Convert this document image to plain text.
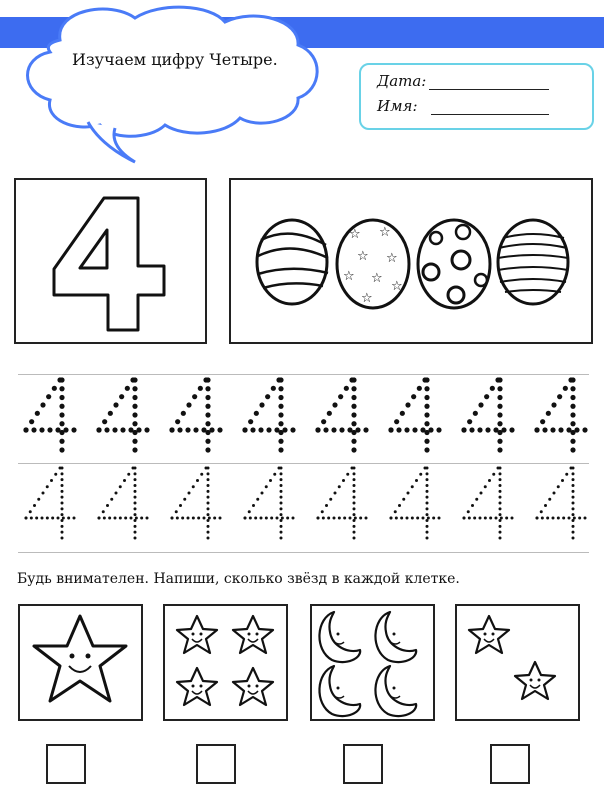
Изучаем цифру Четыре.
Дата:
Имя:
☆ ☆
☆ ☆
☆ ☆
☆
☆
Будь внимателен. Напиши, сколько звёзд в каждой клетке.
